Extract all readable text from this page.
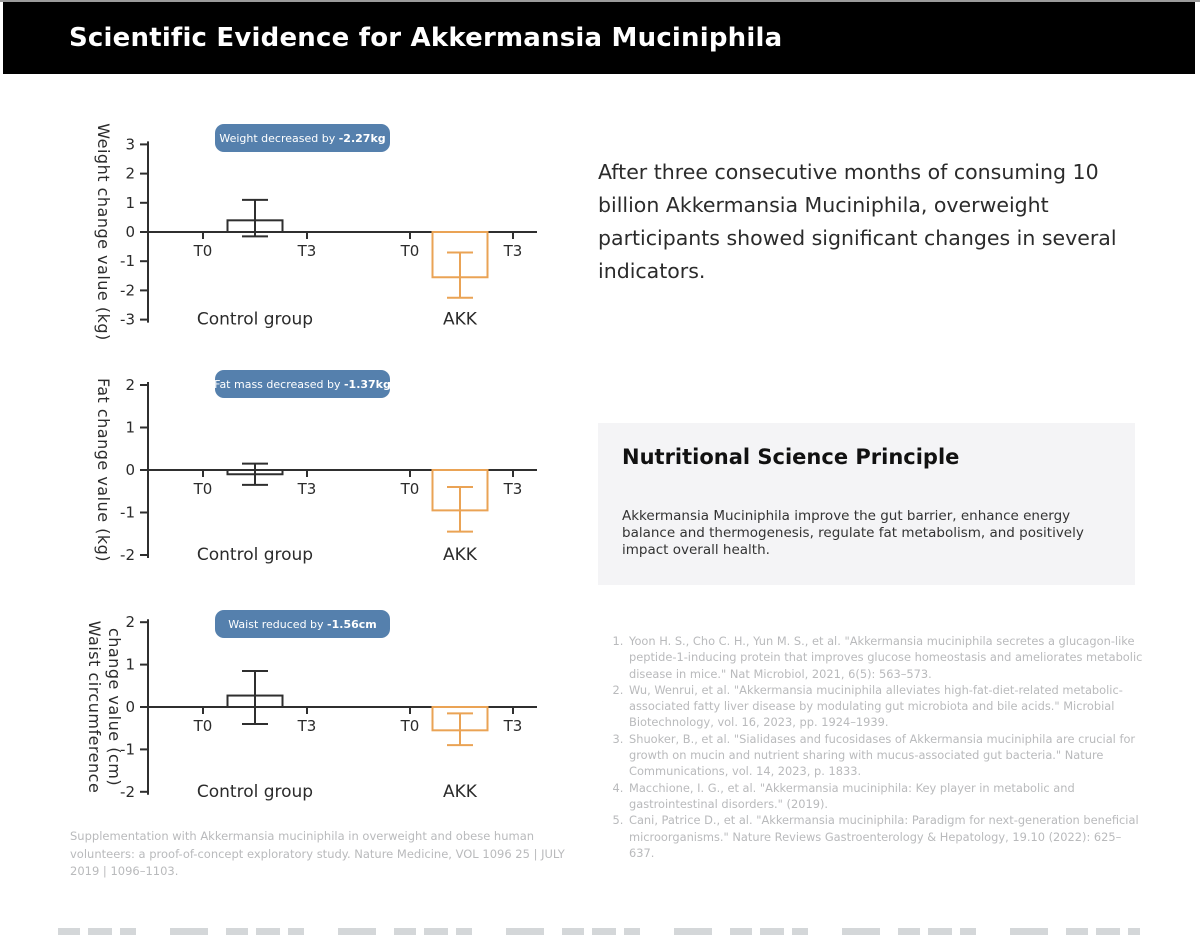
Scientific Evidence for Akkermansia Muciniphila
3
2
1
0
-1
-2
-3
Weight change value (kg)	T0	T3
Control group
T0	T3
AKK
Weight decreased by -2.27kg
2
1
0
-1
-2
Fat change value (kg)	T0	T3
Control group
T0	T3
AKK
Fat mass decreased by -1.37kg
2
1
0
-1
-2
Waist circumference change value (cm)	T0	T3
Control group
T0	T3
AKK
Waist reduced by -1.56cm
Supplementation with Akkermansia muciniphila in overweight and obese human volunteers: a proof-of-concept exploratory study. Nature Medicine, VOL 1096 25 | JULY 2019 | 1096–1103.
After three consecutive months of consuming 10 billion Akkermansia Muciniphila, overweight participants showed significant changes in several indicators.
Nutritional Science Principle

Akkermansia Muciniphila improve the gut barrier, enhance energy balance and thermogenesis, regulate fat metabolism, and positively impact overall health.

1. Yoon H. S., Cho C. H., Yun M. S., et al. "Akkermansia muciniphila secretes a glucagon-like peptide-1-inducing protein that improves glucose homeostasis and ameliorates metabolic disease in mice." Nat Microbiol, 2021, 6(5): 563–573.
2. Wu, Wenrui, et al. "Akkermansia muciniphila alleviates high-fat-diet-related metabolic-associated fatty liver disease by modulating gut microbiota and bile acids." Microbial Biotechnology, vol. 16, 2023, pp. 1924–1939.
3. Shuoker, B., et al. "Sialidases and fucosidases of Akkermansia muciniphila are crucial for growth on mucin and nutrient sharing with mucus-associated gut bacteria." Nature Communications, vol. 14, 2023, p. 1833.
4. Macchione, I. G., et al. "Akkermansia muciniphila: Key player in metabolic and gastrointestinal disorders." (2019).
5. Cani, Patrice D., et al. "Akkermansia muciniphila: Paradigm for next-generation beneficial microorganisms." Nature Reviews Gastroenterology & Hepatology, 19.10 (2022): 625–637.
